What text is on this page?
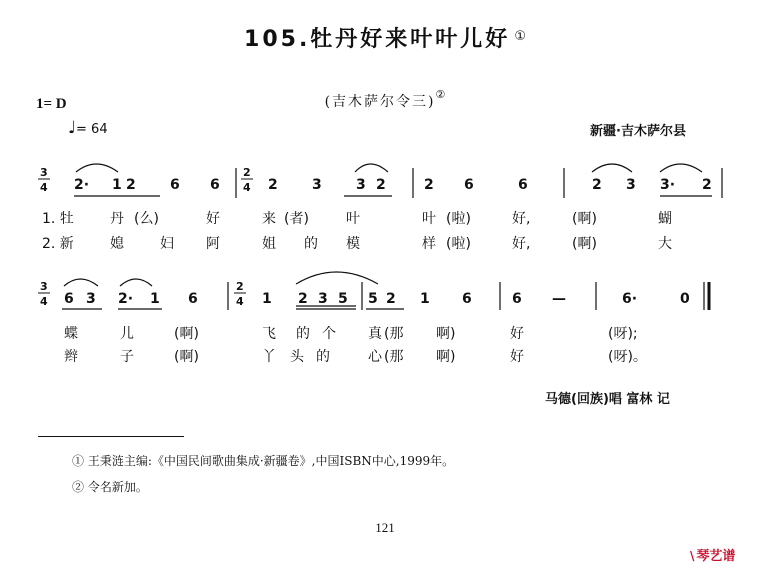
105.牡丹好来叶叶儿好 ①
(吉木萨尔令三)②
1= D
♩= 64	新疆·吉木萨尔县
3
4
2
4
3
4
2
4
2· 1 2 6 6	2 3 3 2	2 6	6	2 3 3· 2
6 3 2· 1 6	1 2 3 5 5 2 1 6	6 —	6·	0
1. 牡	丹 (么)	好	来 (者)	叶	叶 (啦)	好,	(啊)	蝴
2. 新	媳	妇 阿	姐 的 模	样 (啦)	好,	(啊)	大
蝶	儿	(啊)	飞 的 个 真 (那 啊)	好	(呀);
辫	子	(啊)	丫 头 的	心 (那 啊)	好	(呀)。
马德(回族)唱 富林 记
① 王秉涟主编:《中国民间歌曲集成·新疆卷》,中国ISBN中心,1999年。
② 令名新加。
121
\ 琴艺谱
